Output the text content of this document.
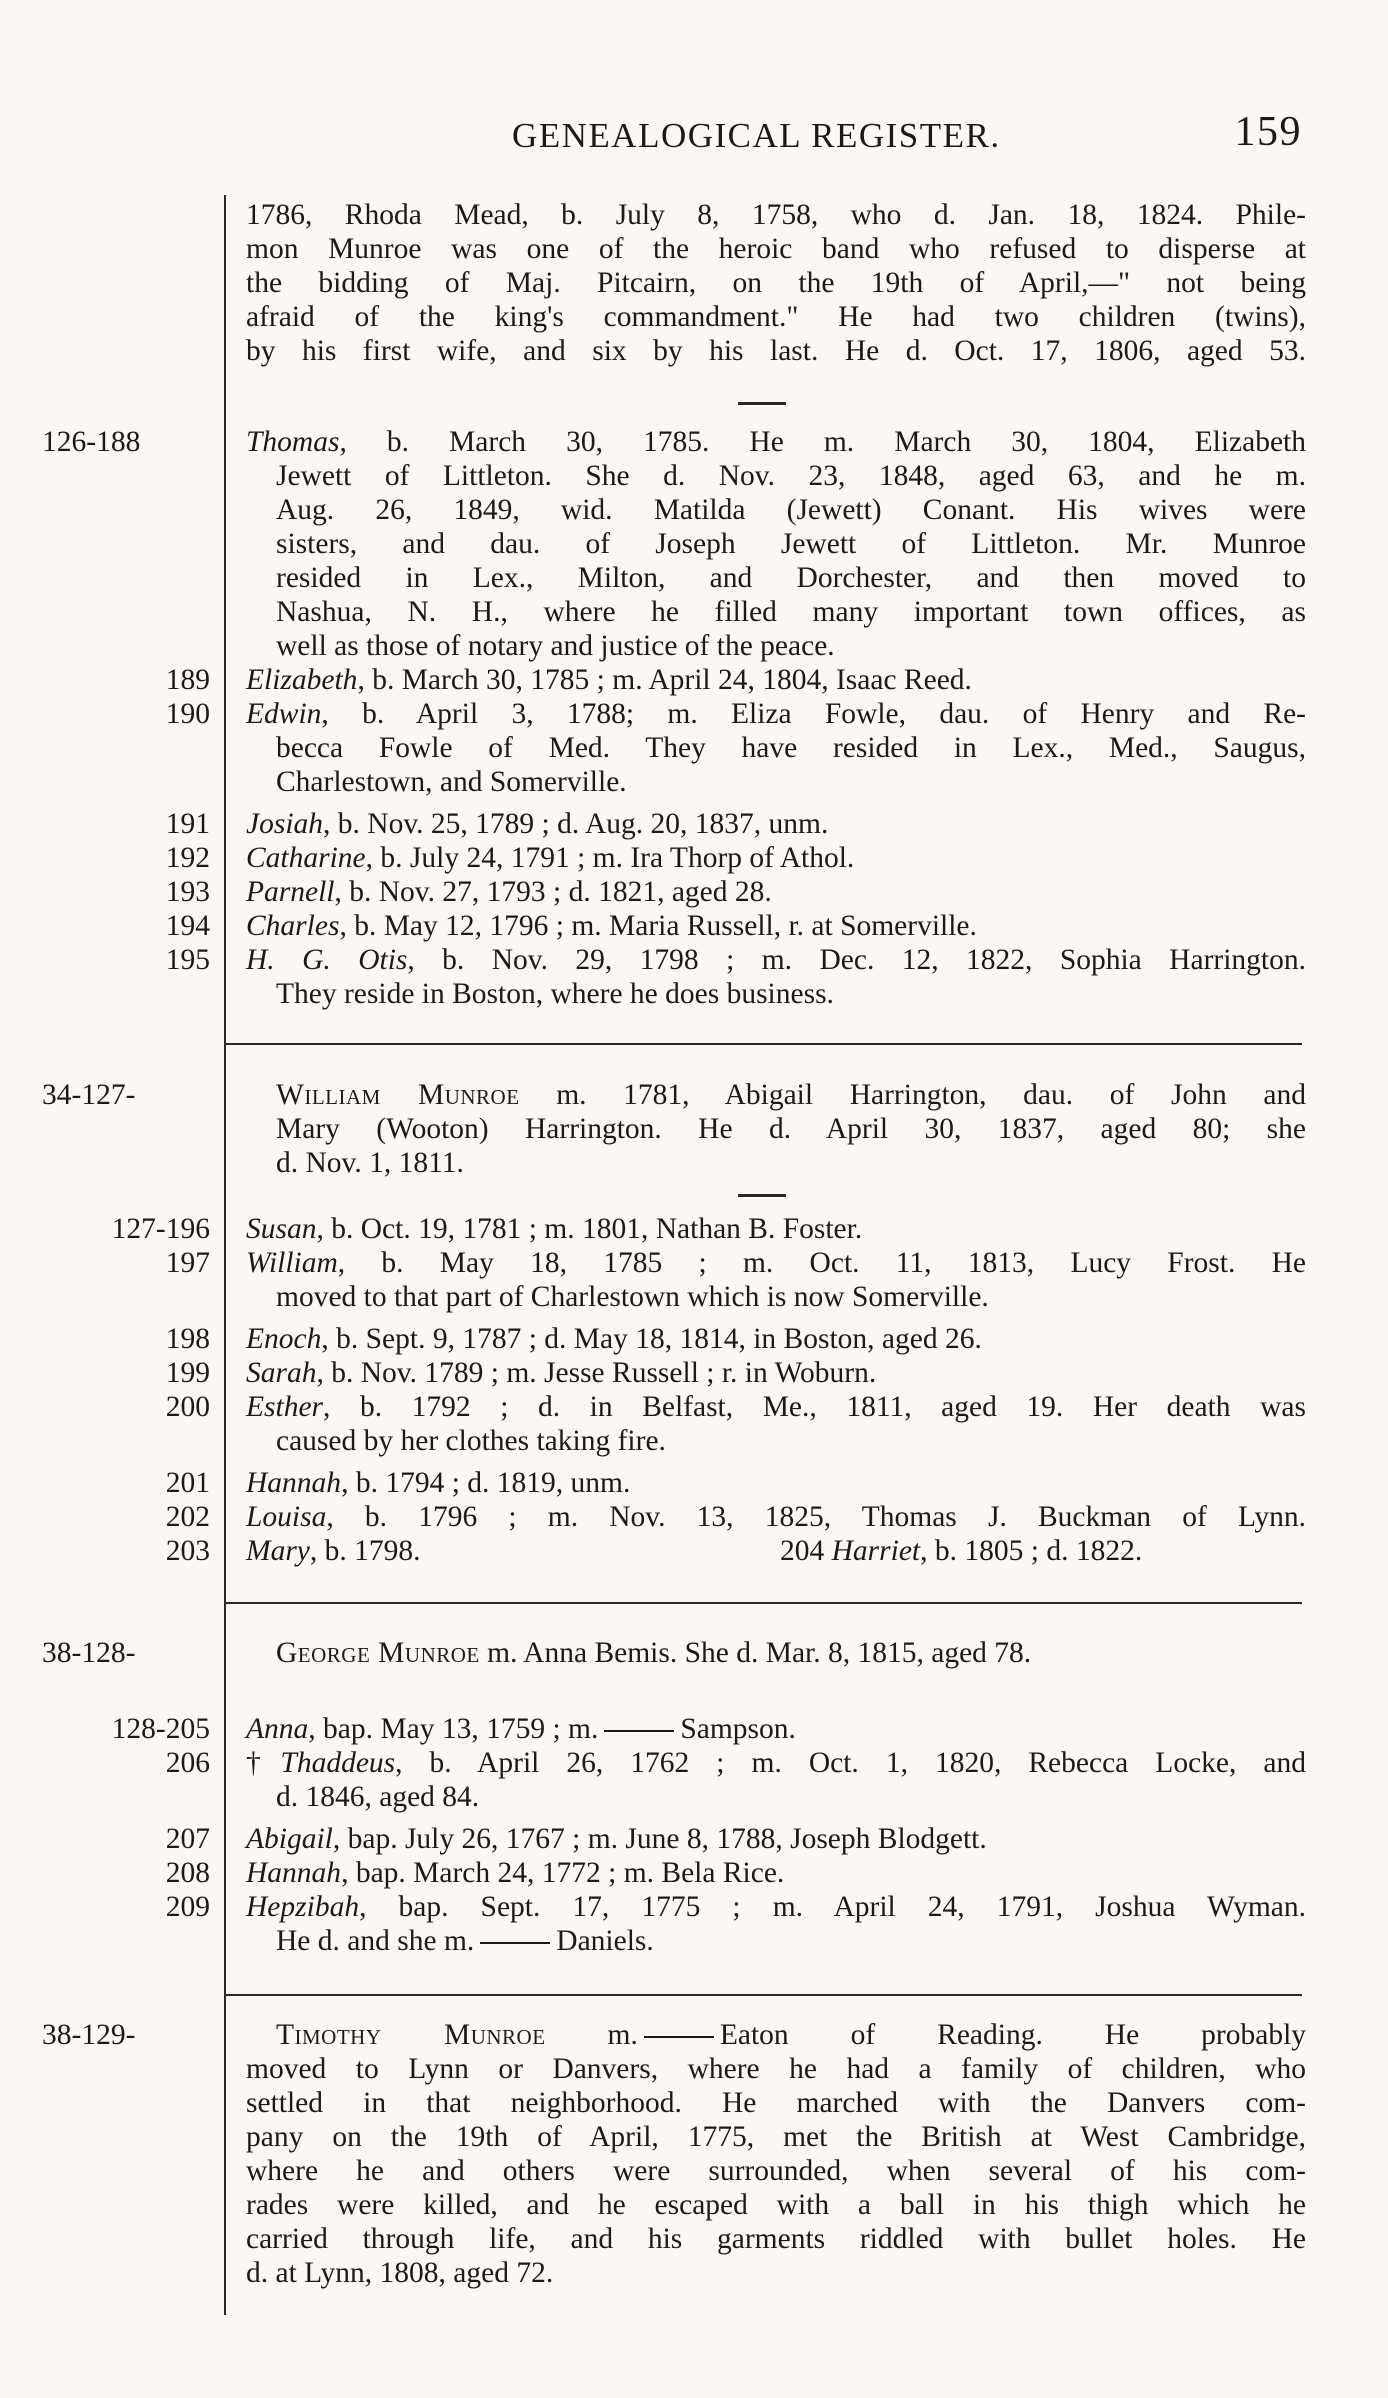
GENEALOGICAL REGISTER.	159
1786, Rhoda Mead, b. July 8, 1758, who d. Jan. 18, 1824. Phile-
mon Munroe was one of the heroic band who refused to disperse at
the bidding of Maj. Pitcairn, on the 19th of April,—" not being
afraid of the king's commandment." He had two children (twins),
by his first wife, and six by his last. He d. Oct. 17, 1806, aged 53.
126-188	Thomas, b. March 30, 1785. He m. March 30, 1804, Elizabeth
Jewett of Littleton. She d. Nov. 23, 1848, aged 63, and he m.
Aug. 26, 1849, wid. Matilda (Jewett) Conant. His wives were
sisters, and dau. of Joseph Jewett of Littleton. Mr. Munroe
resided in Lex., Milton, and Dorchester, and then moved to
Nashua, N. H., where he filled many important town offices, as
well as those of notary and justice of the peace.
189 Elizabeth, b. March 30, 1785 ; m. April 24, 1804, Isaac Reed.
190 Edwin, b. April 3, 1788; m. Eliza Fowle, dau. of Henry and Re-
becca Fowle of Med. They have resided in Lex., Med., Saugus,
Charlestown, and Somerville.
191 Josiah, b. Nov. 25, 1789 ; d. Aug. 20, 1837, unm.
192 Catharine, b. July 24, 1791 ; m. Ira Thorp of Athol.
193 Parnell, b. Nov. 27, 1793 ; d. 1821, aged 28.
194 Charles, b. May 12, 1796 ; m. Maria Russell, r. at Somerville.
195 H. G. Otis, b. Nov. 29, 1798 ; m. Dec. 12, 1822, Sophia Harrington.
They reside in Boston, where he does business.
34-127-	William Munroe m. 1781, Abigail Harrington, dau. of John and
Mary (Wooton) Harrington. He d. April 30, 1837, aged 80; she
d. Nov. 1, 1811.
127-196 Susan, b. Oct. 19, 1781 ; m. 1801, Nathan B. Foster.
197 William, b. May 18, 1785 ; m. Oct. 11, 1813, Lucy Frost. He
moved to that part of Charlestown which is now Somerville.
198 Enoch, b. Sept. 9, 1787 ; d. May 18, 1814, in Boston, aged 26.
199 Sarah, b. Nov. 1789 ; m. Jesse Russell ; r. in Woburn.
200 Esther, b. 1792 ; d. in Belfast, Me., 1811, aged 19. Her death was
caused by her clothes taking fire.
201 Hannah, b. 1794 ; d. 1819, unm.
202 Louisa, b. 1796 ; m. Nov. 13, 1825, Thomas J. Buckman of Lynn.
203 Mary, b. 1798.	204 Harriet, b. 1805 ; d. 1822.
38-128-	George Munroe m. Anna Bemis. She d. Mar. 8, 1815, aged 78.
128-205 Anna, bap. May 13, 1759 ; m.	Sampson.
206 †Thaddeus, b. April 26, 1762 ; m. Oct. 1, 1820, Rebecca Locke, and
d. 1846, aged 84.
207 Abigail, bap. July 26, 1767 ; m. June 8, 1788, Joseph Blodgett.
208 Hannah, bap. March 24, 1772 ; m. Bela Rice.
209 Hepzibah, bap. Sept. 17, 1775 ; m. April 24, 1791, Joshua Wyman.
He d. and she m.	Daniels.
38-129-	Timothy Munroe m.	Eaton of Reading. He probably
moved to Lynn or Danvers, where he had a family of children, who
settled in that neighborhood. He marched with the Danvers com-
pany on the 19th of April, 1775, met the British at West Cambridge,
where he and others were surrounded, when several of his com-
rades were killed, and he escaped with a ball in his thigh which he
carried through life, and his garments riddled with bullet holes. He
d. at Lynn, 1808, aged 72.
